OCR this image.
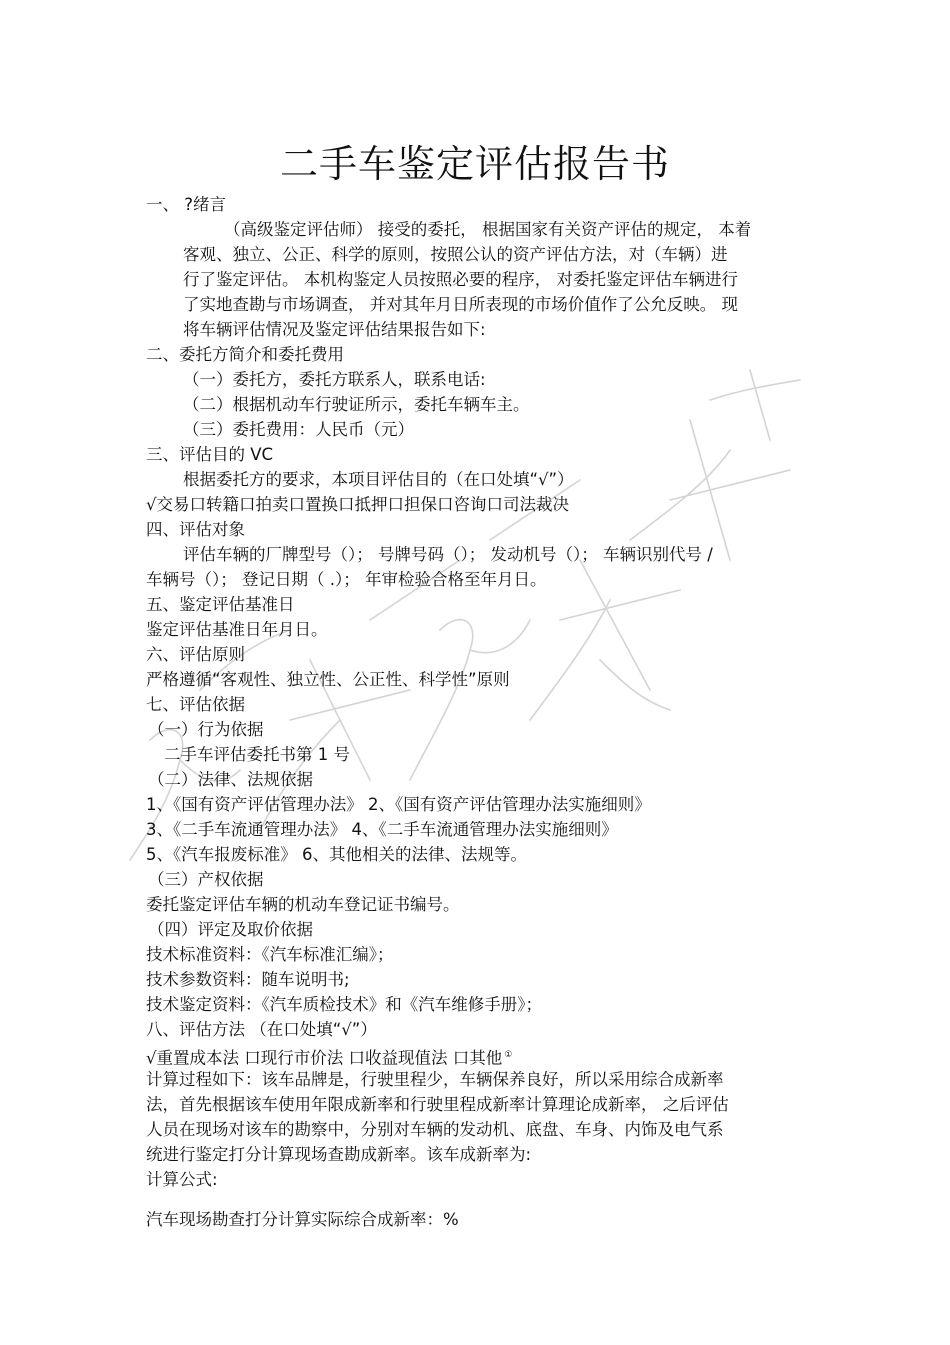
二手车鉴定评估报告书
一、 ?绪言
（高级鉴定评估师） 接受的委托， 根据国家有关资产评估的规定， 本着
客观、独立、公正、科学的原则，按照公认的资产评估方法，对（车辆）进
行了鉴定评估。 本机构鉴定人员按照必要的程序， 对委托鉴定评估车辆进行
了实地查勘与市场调查， 并对其年月日所表现的市场价值作了公允反映。 现
将车辆评估情况及鉴定评估结果报告如下:
二、委托方简介和委托费用
（一）委托方，委托方联系人，联系电话:
（二）根据机动车行驶证所示，委托车辆车主。
（三）委托费用：人民币（元）
三、评估目的 VC
根据委托方的要求，本项目评估目的（在口处填“√”）
√交易口转籍口拍卖口置换口抵押口担保口咨询口司法裁决
四、评估对象
评估车辆的厂牌型号（）； 号牌号码（）； 发动机号（）； 车辆识别代号 /
车辆号（）； 登记日期（ .）； 年审检验合格至年月日。
五、鉴定评估基准日
鉴定评估基准日年月日。
六、评估原则
严格遵循“客观性、独立性、公正性、科学性”原则
七、评估依据
（一）行为依据
二手车评估委托书第 1 号
（二）法律、法规依据
1、《国有资产评估管理办法》 2、《国有资产评估管理办法实施细则》
3、《二手车流通管理办法》 4、《二手车流通管理办法实施细则》
5、《汽车报废标准》 6、其他相关的法律、法规等。
（三）产权依据
委托鉴定评估车辆的机动车登记证书编号。
（四）评定及取价依据
技术标准资料：《汽车标准汇编》；
技术参数资料：随车说明书;
技术鉴定资料：《汽车质检技术》和《汽车维修手册》；
八、评估方法 （在口处填“√”）
√重置成本法 口现行市价法 口收益现值法 口其他 ①
计算过程如下：该车品牌是，行驶里程少，车辆保养良好，所以采用综合成新率
法，首先根据该车使用年限成新率和行驶里程成新率计算理论成新率， 之后评估
人员在现场对该车的勘察中，分别对车辆的发动机、底盘、车身、内饰及电气系
统进行鉴定打分计算现场查勘成新率。该车成新率为:
计算公式:
汽车现场勘查打分计算实际综合成新率：%
